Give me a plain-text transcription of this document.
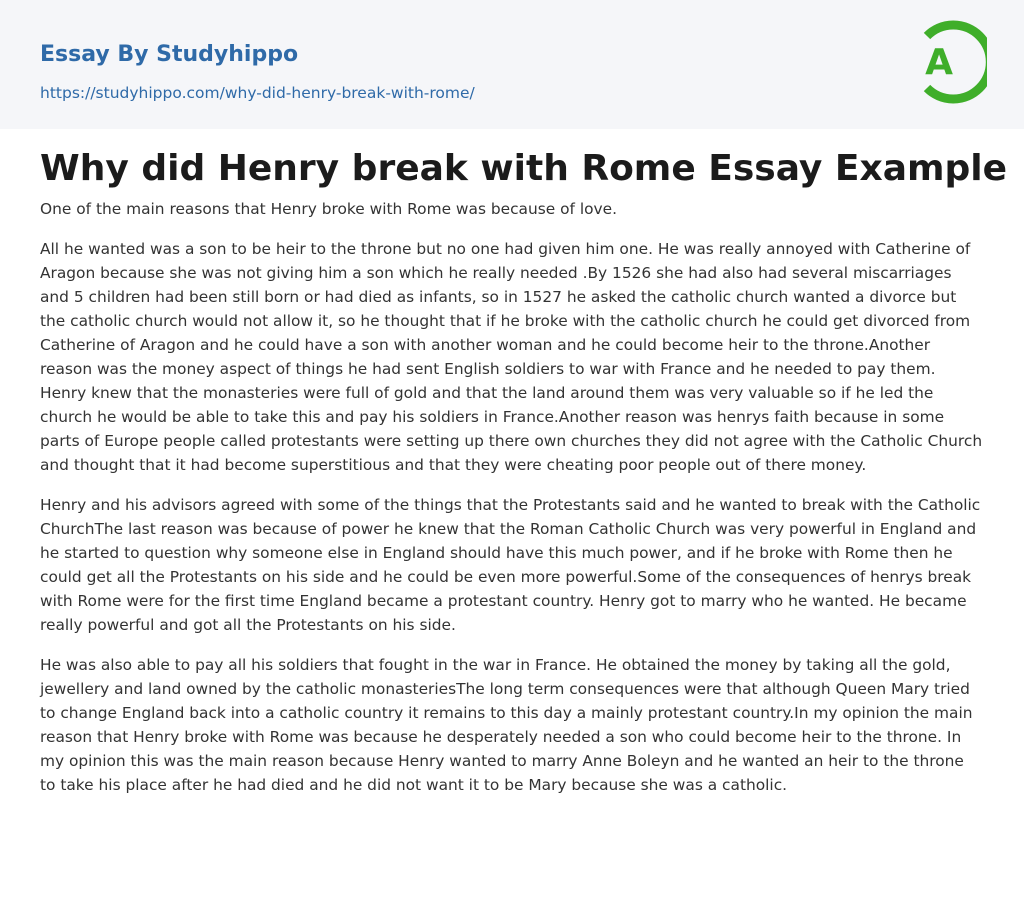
Essay By Studyhippo
https://studyhippo.com/why-did-henry-break-with-rome/
A
Why did Henry break with Rome Essay Example

One of the main reasons that Henry broke with Rome was because of love.

All he wanted was a son to be heir to the throne but no one had given him one. He was really annoyed with Catherine of Aragon because she was not giving him a son which he really needed .By 1526 she had also had several miscarriages and 5 children had been still born or had died as infants, so in 1527 he asked the catholic church wanted a divorce but the catholic church would not allow it, so he thought that if he broke with the catholic church he could get divorced from Catherine of Aragon and he could have a son with another woman and he could become heir to the throne.Another reason was the money aspect of things he had sent English soldiers to war with France and he needed to pay them. Henry knew that the monasteries were full of gold and that the land around them was very valuable so if he led the church he would be able to take this and pay his soldiers in France.Another reason was henrys faith because in some parts of Europe people called protestants were setting up there own churches they did not agree with the Catholic Church and thought that it had become superstitious and that they were cheating poor people out of there money.

Henry and his advisors agreed with some of the things that the Protestants said and he wanted to break with the Catholic ChurchThe last reason was because of power he knew that the Roman Catholic Church was very powerful in England and he started to question why someone else in England should have this much power, and if he broke with Rome then he could get all the Protestants on his side and he could be even more powerful.Some of the consequences of henrys break with Rome were for the first time England became a protestant country. Henry got to marry who he wanted. He became really powerful and got all the Protestants on his side.

He was also able to pay all his soldiers that fought in the war in France. He obtained the money by taking all the gold, jewellery and land owned by the catholic monasteriesThe long term consequences were that although Queen Mary tried to change England back into a catholic country it remains to this day a mainly protestant country.In my opinion the main reason that Henry broke with Rome was because he desperately needed a son who could become heir to the throne. In my opinion this was the main reason because Henry wanted to marry Anne Boleyn and he wanted an heir to the throne to take his place after he had died and he did not want it to be Mary because she was a catholic.
